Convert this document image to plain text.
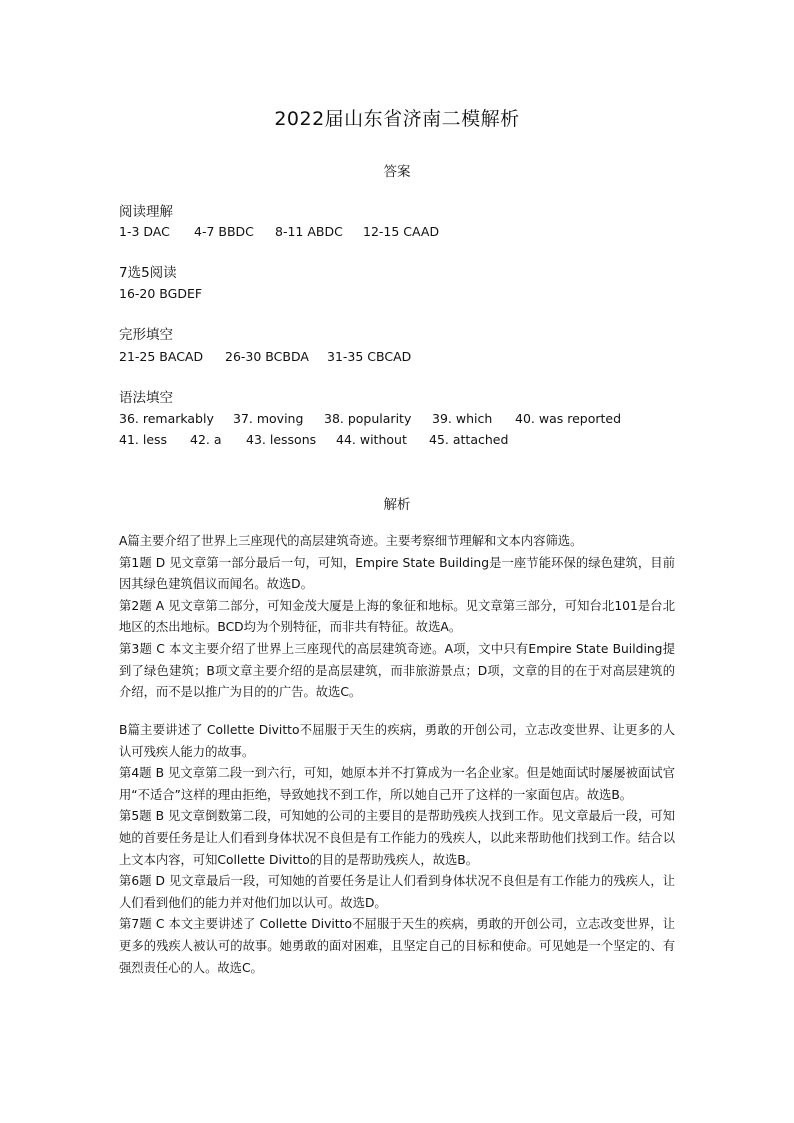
2022届山东省济南二模解析
答案
阅读理解
1-3 DAC 4-7 BBDC 8-11 ABDC 12-15 CAAD
7选5阅读
16-20 BGDEF
完形填空
21-25 BACAD 26-30 BCBDA 31-35 CBCAD
语法填空
36. remarkably 37. moving 38. popularity 39. which 40. was reported
41. less 42. a 43. lessons 44. without 45. attached
解析

A篇主要介绍了世界上三座现代的高层建筑奇迹。主要考察细节理解和文本内容筛选。

第1题 D 见文章第一部分最后一句，可知，Empire State Building是一座节能环保的绿色建筑，目前因其绿色建筑倡议而闻名。故选D。

第2题 A 见文章第二部分，可知金茂大厦是上海的象征和地标。见文章第三部分，可知台北101是台北地区的杰出地标。BCD均为个别特征，而非共有特征。故选A。

第3题 C 本文主要介绍了世界上三座现代的高层建筑奇迹。A项，文中只有Empire State Building提到了绿色建筑；B项文章主要介绍的是高层建筑，而非旅游景点；D项，文章的目的在于对高层建筑的介绍，而不是以推广为目的的广告。故选C。

B篇主要讲述了 Collette Divitto不屈服于天生的疾病，勇敢的开创公司，立志改变世界、让更多的人认可残疾人能力的故事。

第4题 B 见文章第二段一到六行，可知，她原本并不打算成为一名企业家。但是她面试时屡屡被面试官用“不适合”这样的理由拒绝，导致她找不到工作，所以她自己开了这样的一家面包店。故选B。

第5题 B 见文章倒数第二段，可知她的公司的主要目的是帮助残疾人找到工作。见文章最后一段，可知她的首要任务是让人们看到身体状况不良但是有工作能力的残疾人，以此来帮助他们找到工作。结合以上文本内容，可知Collette Divitto的目的是帮助残疾人，故选B。

第6题 D 见文章最后一段，可知她的首要任务是让人们看到身体状况不良但是有工作能力的残疾人，让人们看到他们的能力并对他们加以认可。故选D。

第7题 C 本文主要讲述了 Collette Divitto不屈服于天生的疾病，勇敢的开创公司，立志改变世界，让更多的残疾人被认可的故事。她勇敢的面对困难，且坚定自己的目标和使命。可见她是一个坚定的、有强烈责任心的人。故选C。
